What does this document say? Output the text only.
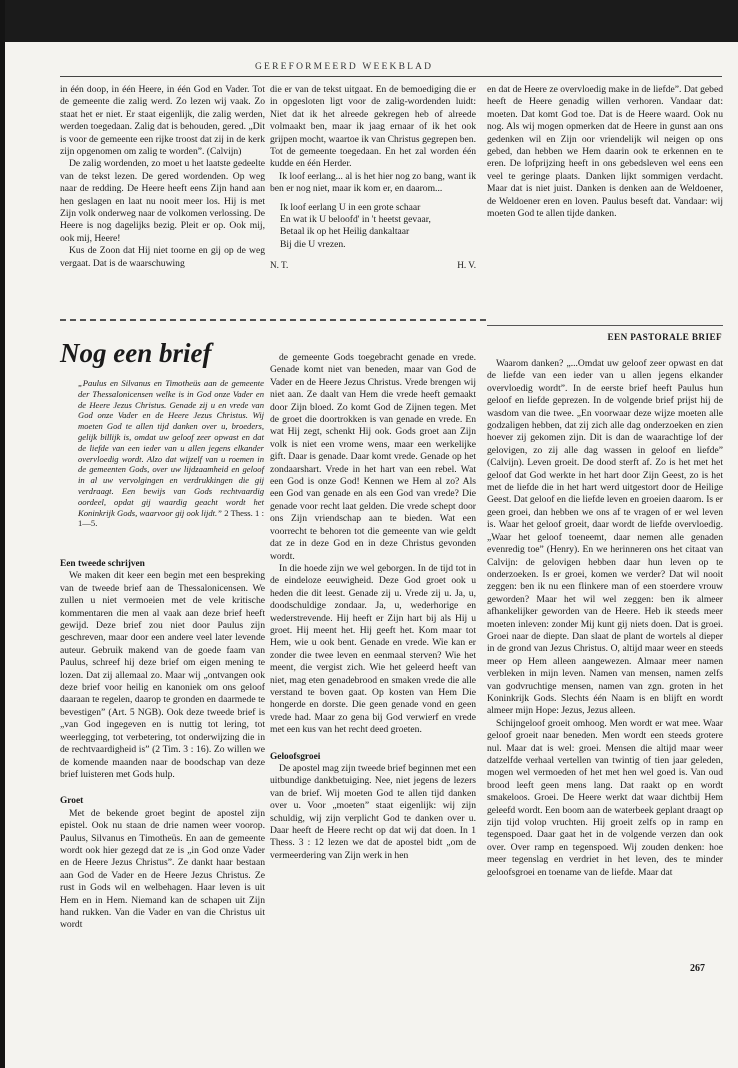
GEREFORMEERD WEEKBLAD

in één doop, in één Heere, in één God en Vader. Tot de gemeente die zalig werd. Zo lezen wij vaak. Zo staat het er niet. Er staat eigenlijk, die zalig werden, werden toegedaan. Zalig dat is behouden, gered. „Dit is voor de gemeente een rijke troost dat zij in de kerk zijn opgenomen om zalig te worden”. (Calvijn)

De zalig wordenden, zo moet u het laatste gedeelte van de tekst lezen. De gered wordenden. Op weg naar de redding. De Heere heeft eens Zijn hand aan hen geslagen en laat nu nooit meer los. Hij is met Zijn volk onderweg naar de volkomen verlossing. De Heere is nog dagelijks bezig. Pleit er op. Ook mij, ook mij, Heere!

Kus de Zoon dat Hij niet toorne en gij op de weg vergaat. Dat is de waarschuwing

die er van de tekst uitgaat. En de bemoediging die er in opgesloten ligt voor de zalig-wordenden luidt: Niet dat ik het alreede gekregen heb of alreede volmaakt ben, maar ik jaag ernaar of ik het ook grijpen mocht, waartoe ik van Christus gegrepen ben. Tot de gemeente toegedaan. En het zal worden één kudde en één Herder.

Ik loof eerlang... al is het hier nog zo bang, want ik ben er nog niet, maar ik kom er, en daarom...

Ik loof eerlang U in een grote schaar
En wat ik U beloofd' in 't heetst gevaar,
Betaal ik op het Heilig dankaltaar
Bij die U vrezen.
N. T.	H. V.

en dat de Heere ze overvloedig make in de liefde”. Dat gebed heeft de Heere genadig willen verhoren. Vandaar dat: moeten. Dat komt God toe. Dat is de Heere waard. Ook nu nog. Als wij mogen opmerken dat de Heere in gunst aan ons gedenken wil en Zijn oor vriendelijk wil neigen op ons gebed, dan hebben we Hem daarin ook te erkennen en te eren. De lofprijzing heeft in ons gebedsleven wel eens een veel te geringe plaats. Danken lijkt sommigen verdacht. Maar dat is niet juist. Danken is denken aan de Weldoener, de Weldoener eren en loven. Paulus beseft dat. Vandaar: wij moeten God te allen tijde danken.

EEN PASTORALE BRIEF
Nog een brief
„Paulus en Silvanus en Timotheüs aan de gemeente der Thessalonicensen welke is in God onze Vader en de Heere Jezus Christus. Genade zij u en vrede van God onze Vader en de Heere Jezus Christus. Wij moeten God te allen tijd danken over u, broeders, gelijk billijk is, omdat uw geloof zeer opwast en dat de liefde van een ieder van u allen jegens elkander overvloedig wordt. Alzo dat wijzelf van u roemen in de gemeenten Gods, over uw lijdzaamheid en geloof in al uw vervolgingen en verdrukkingen die gij verdraagt. Een bewijs van Gods rechtvaardig oordeel, opdat gij waardig geacht wordt het Koninkrijk Gods, waarvoor gij ook lijdt.” 2 Thess. 1 : 1—5.

Een tweede schrijven

We maken dit keer een begin met een bespreking van de tweede brief aan de Thessalonicensen. We zullen u niet vermoeien met de vele kritische kommentaren die men al vaak aan deze brief heeft gewijd. Deze brief zou niet door Paulus zijn geschreven, maar door een andere veel later levende auteur. Gebruik makend van de goede faam van Paulus, schreef hij deze brief om eigen mening te lozen. Dat zij allemaal zo. Maar wij „ontvangen ook deze brief voor heilig en kanoniek om ons geloof daaraan te regelen, daarop te gronden en daarmede te bevestigen” (Art. 5 NGB). Ook deze tweede brief is „van God ingegeven en is nuttig tot lering, tot weerlegging, tot verbetering, tot onderwijzing die in de rechtvaardigheid is” (2 Tim. 3 : 16). Zo willen we de komende maanden naar de boodschap van deze brief luisteren met Gods hulp.

Groet

Met de bekende groet begint de apostel zijn epistel. Ook nu staan de drie namen weer voorop. Paulus, Silvanus en Timotheüs. En aan de gemeente wordt ook hier gezegd dat ze is „in God onze Vader en de Heere Jezus Christus”. Ze dankt haar bestaan aan God de Vader en de Heere Jezus Christus. Ze rust in Gods wil en welbehagen. Haar leven is uit Hem en in Hem. Niemand kan de schapen uit Zijn hand rukken. Van die Vader en van die Christus uit wordt

de gemeente Gods toegebracht genade en vrede. Genade komt niet van beneden, maar van God de Vader en de Heere Jezus Christus. Vrede brengen wij niet aan. Ze daalt van Hem die vrede heeft gemaakt door Zijn bloed. Zo komt God de Zijnen tegen. Met de groet die doortrokken is van genade en vrede. En wat Hij zegt, schenkt Hij ook. Gods groet aan Zijn volk is niet een vrome wens, maar een werkelijke gift. Daar is genade. Daar komt vrede. Genade op het zondaarshart. Vrede in het hart van een rebel. Wat een God is onze God! Kennen we Hem al zo? Als een God van genade en als een God van vrede? Die genade voor recht laat gelden. Die vrede schept door ons Zijn vriendschap aan te bieden. Wat een voorrecht te behoren tot die gemeente van wie geldt dat ze in deze God en in deze Christus gevonden wordt.

In die hoede zijn we wel geborgen. In de tijd tot in de eindeloze eeuwigheid. Deze God groet ook u heden die dit leest. Genade zij u. Vrede zij u. Ja, u, doodschuldige zondaar. Ja, u, wederhorige en wederstrevende. Hij heeft er Zijn hart bij als Hij u groet. Hij meent het. Hij geeft het. Kom maar tot Hem, wie u ook bent. Genade en vrede. Wie kan er zonder die twee leven en eenmaal sterven? Wie het meent, die vergist zich. Wie het geleerd heeft van niet, mag eten genadebrood en smaken vrede die alle verstand te boven gaat. Op kosten van Hem Die hongerde en dorste. Die geen genade vond en geen vrede had. Maar zo gena bij God verwierf en vrede met een kus van het recht deed groeten.

Geloofsgroei

De apostel mag zijn tweede brief beginnen met een uitbundige dankbetuiging. Nee, niet jegens de lezers van de brief. Wij moeten God te allen tijd danken over u. Voor „moeten” staat eigenlijk: wij zijn schuldig, wij zijn verplicht God te danken over u. Daar heeft de Heere recht op dat wij dat doen. In 1 Thess. 3 : 12 lezen we dat de apostel bidt „om de vermeerdering van Zijn werk in hen

Waarom danken? „...Omdat uw geloof zeer opwast en dat de liefde van een ieder van u allen jegens elkander overvloedig wordt”. In de eerste brief heeft Paulus hun geloof en liefde geprezen. In de volgende brief prijst hij de wasdom van die twee. „En voorwaar deze wijze moeten alle godzaligen hebben, dat zij zich alle dag onderzoeken en zien hoever zij gekomen zijn. Dit is dan de waarachtige lof der gelovigen, zo zij alle dag wassen in geloof en liefde” (Calvijn). Leven groeit. De dood sterft af. Zo is het met het geloof dat God werkte in het hart door Zijn Geest, zo is het met de liefde die in het hart werd uitgestort door de Heilige Geest. Dat geloof en die liefde leven en groeien daarom. Is er geen groei, dan hebben we ons af te vragen of er wel leven is. Waar het geloof groeit, daar wordt de liefde overvloedig. „Waar het geloof toeneemt, daar nemen alle genaden evenredig toe” (Henry). En we herinneren ons het citaat van Calvijn: de gelovigen hebben daar hun leven op te onderzoeken. Is er groei, komen we verder? Dat wil nooit zeggen: ben ik nu een flinkere man of een stoerdere vrouw geworden? Maar het wil wel zeggen: ben ik almeer afhankelijker geworden van de Heere. Heb ik steeds meer moeten inleven: zonder Mij kunt gij niets doen. Dat is groei. Groei naar de diepte. Dan slaat de plant de wortels al dieper in de grond van Jezus Christus. O, altijd maar weer en steeds meer op Hem alleen aangewezen. Almaar meer namen verbleken in mijn leven. Namen van mensen, namen zelfs van godvruchtige mensen, namen van zgn. groten in het Koninkrijk Gods. Slechts één Naam is en blijft en wordt almeer mijn Hope: Jezus, Jezus alleen.

Schijngeloof groeit omhoog. Men wordt er wat mee. Waar geloof groeit naar beneden. Men wordt een steeds grotere nul. Maar dat is wel: groei. Mensen die altijd maar weer datzelfde verhaal vertellen van twintig of tien jaar geleden, mogen wel vermoeden of het met hen wel goed is. Van oud brood leeft geen mens lang. Dat raakt op en wordt smakeloos. Groei. De Heere werkt dat waar dichtbij Hem geleefd wordt. Een boom aan de waterbeek geplant draagt op zijn tijd volop vruchten. Hij groeit zelfs op in ramp en tegenspoed. Daar gaat het in de volgende verzen dan ook over. Over ramp en tegenspoed. Wij zouden denken: hoe meer tegenslag en verdriet in het leven, des te minder geloofsgroei en toename van de liefde. Maar dat

267
